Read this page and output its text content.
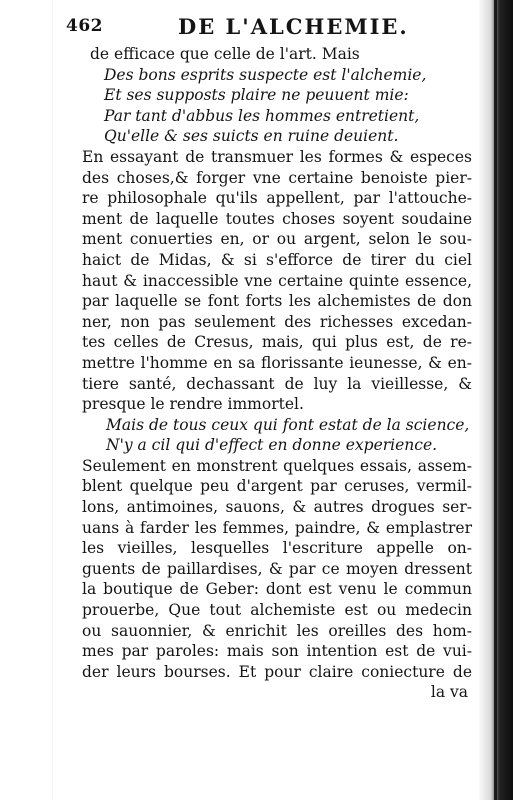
462	DE L'ALCHEMIE.
de efficace que celle de l'art. Mais
Des bons esprits suspecte est l'alchemie,
Et ses supposts plaire ne peuuent mie:
Par tant d'abbus les hommes entretient,
Qu'elle & ses suicts en ruine deuient.
En essayant de transmuer les formes & especes
des choses,& forger vne certaine benoiste pier-
re philosophale qu'ils appellent, par l'attouche-
ment de laquelle toutes choses soyent soudaine
ment conuerties en, or ou argent, selon le sou-
haict de Midas, & si s'efforce de tirer du ciel
haut & inaccessible vne certaine quinte essence,
par laquelle se font forts les alchemistes de don
ner, non pas seulement des richesses excedan-
tes celles de Cresus, mais, qui plus est, de re-
mettre l'homme en sa florissante ieunesse, & en-
tiere santé, dechassant de luy la vieillesse, &
presque le rendre immortel.
Mais de tous ceux qui font estat de la science,
N'y a cil qui d'effect en donne experience.
Seulement en monstrent quelques essais, assem-
blent quelque peu d'argent par ceruses, vermil-
lons, antimoines, sauons, & autres drogues ser-
uans à farder les femmes, paindre, & emplastrer
les vieilles, lesquelles l'escriture appelle on-
guents de paillardises, & par ce moyen dressent
la boutique de Geber: dont est venu le commun
prouerbe, Que tout alchemiste est ou medecin
ou sauonnier, & enrichit les oreilles des hom-
mes par paroles: mais son intention est de vui-
der leurs bourses. Et pour claire coniecture de
la va
